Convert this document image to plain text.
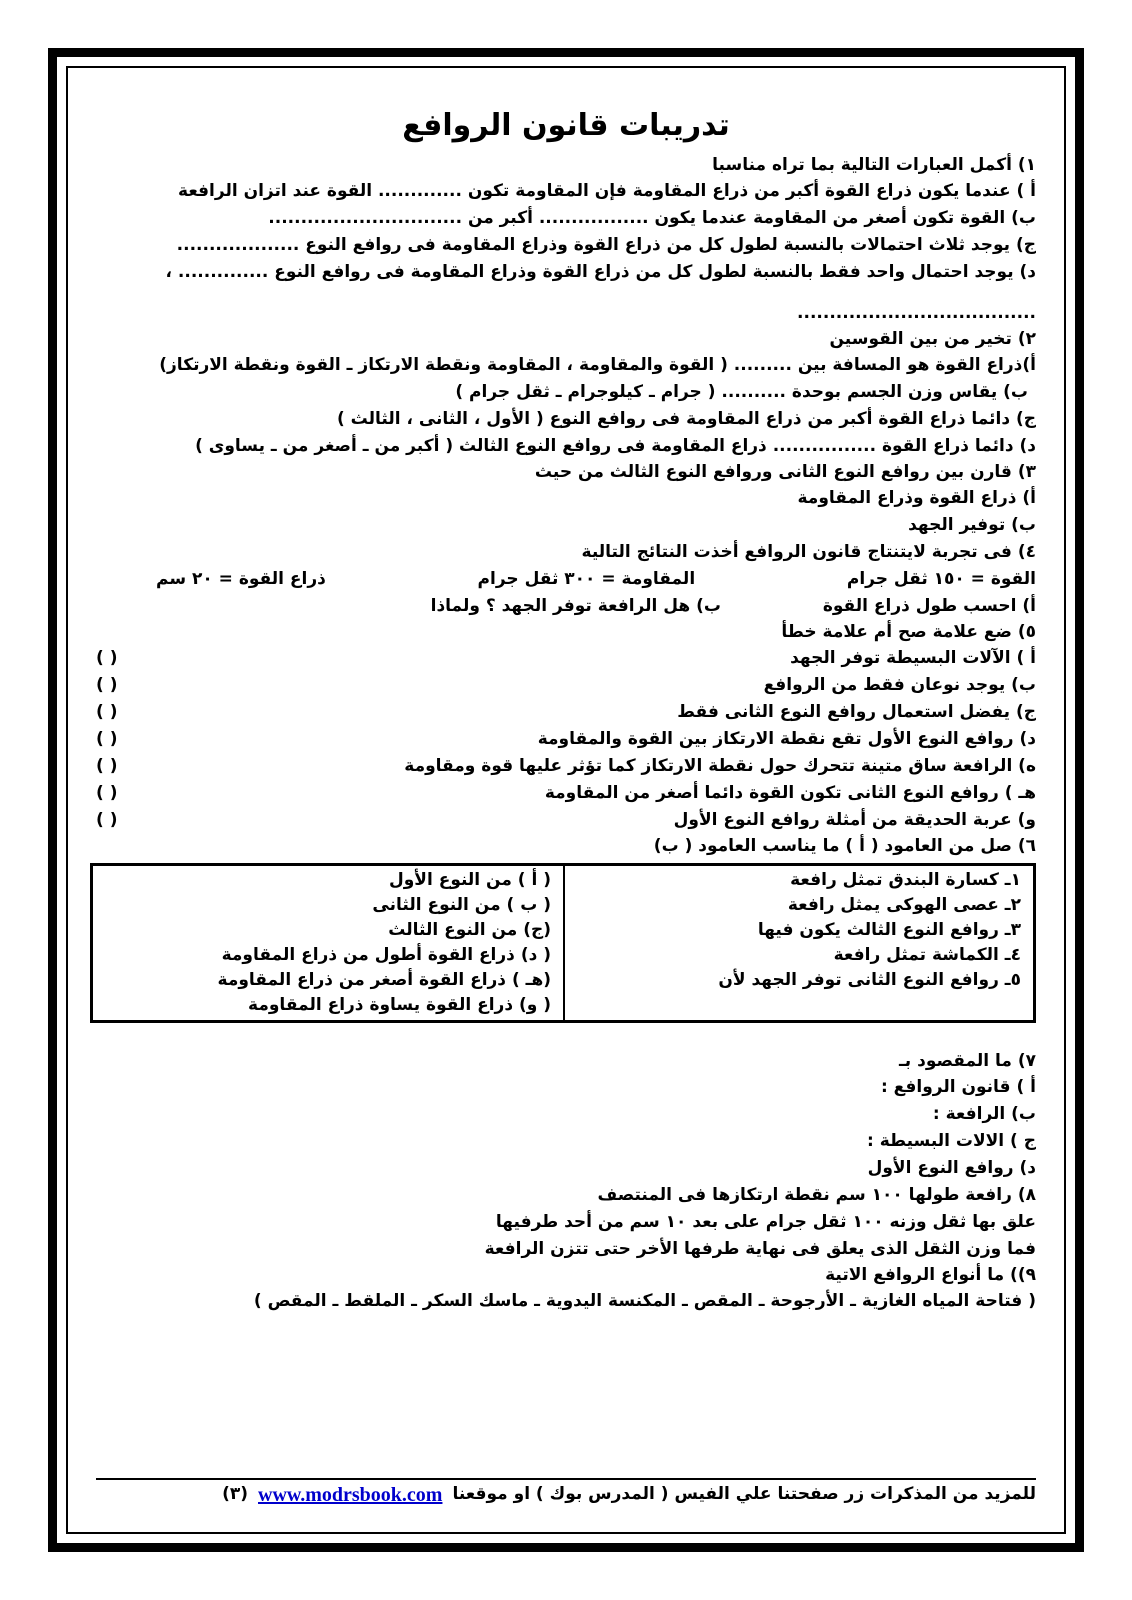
تدريبات قانون الروافع

١) أكمل العبارات التالية بما تراه مناسبا

أ ) عندما يكون ذراع القوة أكبر من ذراع المقاومة فإن المقاومة تكون ............. القوة عند اتزان الرافعة

ب) القوة تكون أصغر من المقاومة عندما يكون ................. أكبر من ..............................

ج) يوجد ثلاث احتمالات بالنسبة لطول كل من ذراع القوة وذراع المقاومة فى روافع النوع ...................

د) يوجد احتمال واحد فقط بالنسبة لطول كل من ذراع القوة وذراع المقاومة فى روافع النوع .............. ،

.....................................

٢) تخير من بين القوسين

أ)ذراع القوة هو المسافة بين ......... ( القوة والمقاومة ، المقاومة ونقطة الارتكاز ـ القوة ونقطة الارتكاز)

ب) يقاس وزن الجسم بوحدة .......... ( جرام ـ كيلوجرام ـ ثقل جرام )

ج) دائما ذراع القوة أكبر من ذراع المقاومة فى روافع النوع ( الأول ، الثانى ، الثالث )

د) دائما ذراع القوة ................ ذراع المقاومة فى روافع النوع الثالث ( أكبر من ـ أصغر من ـ يساوى )

٣) قارن بين روافع النوع الثانى وروافع النوع الثالث من حيث

أ) ذراع القوة وذراع المقاومة

ب) توفير الجهد

٤) فى تجربة لايتنتاج قانون الروافع أخذت النتائج التالية

القوة = ١٥٠ ثقل جرام
المقاومة = ٣٠٠ ثقل جرام
ذراع القوة = ٢٠ سم
أ) احسب طول ذراع القوة  ب) هل الرافعة توفر الجهد ؟ ولماذا

٥) ضع علامة صح أم علامة خطأ

أ ) الآلات البسيطة توفر الجهد
( )
ب) يوجد نوعان فقط من الروافع
( )
ج) يفضل استعمال روافع النوع الثانى فقط
( )
د) روافع النوع الأول تقع نقطة الارتكاز بين القوة والمقاومة
( )
ه) الرافعة ساق متينة تتحرك حول نقطة الارتكاز كما تؤثر عليها قوة ومقاومة
( )
هـ ) روافع النوع الثانى تكون القوة دائما أصغر من المقاومة
( )
و) عربة الحديقة من أمثلة روافع النوع الأول
( )

٦) صل من العامود ( أ ) ما يناسب العامود ( ب)

١ـ كسارة البندق تمثل رافعة
٢ـ عصى الهوكى يمثل رافعة
٣ـ روافع النوع الثالث يكون فيها
٤ـ الكماشة تمثل رافعة
٥ـ روافع النوع الثانى توفر الجهد لأن
( أ ) من النوع الأول
( ب ) من النوع الثانى
(ج) من النوع الثالث
( د) ذراع القوة أطول من ذراع المقاومة
(هـ ) ذراع القوة أصغر من ذراع المقاومة
( و) ذراع القوة يساوة ذراع المقاومة

٧) ما المقصود بـ

أ ) قانون الروافع :

ب) الرافعة :

ج ) الالات البسيطة :

د) روافع النوع الأول

٨) رافعة طولها ١٠٠ سم نقطة ارتكازها فى المنتصف

علق بها ثقل وزنه ١٠٠ ثقل جرام على بعد ١٠ سم من أحد طرفيها

فما وزن الثقل الذى يعلق فى نهاية طرفها الأخر حتى تتزن الرافعة

٩)) ما أنواع الروافع الاتية

( فتاحة المياه الغازية ـ الأرجوحة ـ المقص ـ المكنسة اليدوية ـ ماسك السكر ـ الملقط ـ المقص )

للمزيد من المذكرات زر صفحتنا علي الفيس ( المدرس بوك ) او موقعنا
www.modrsbook.com
(٣)
